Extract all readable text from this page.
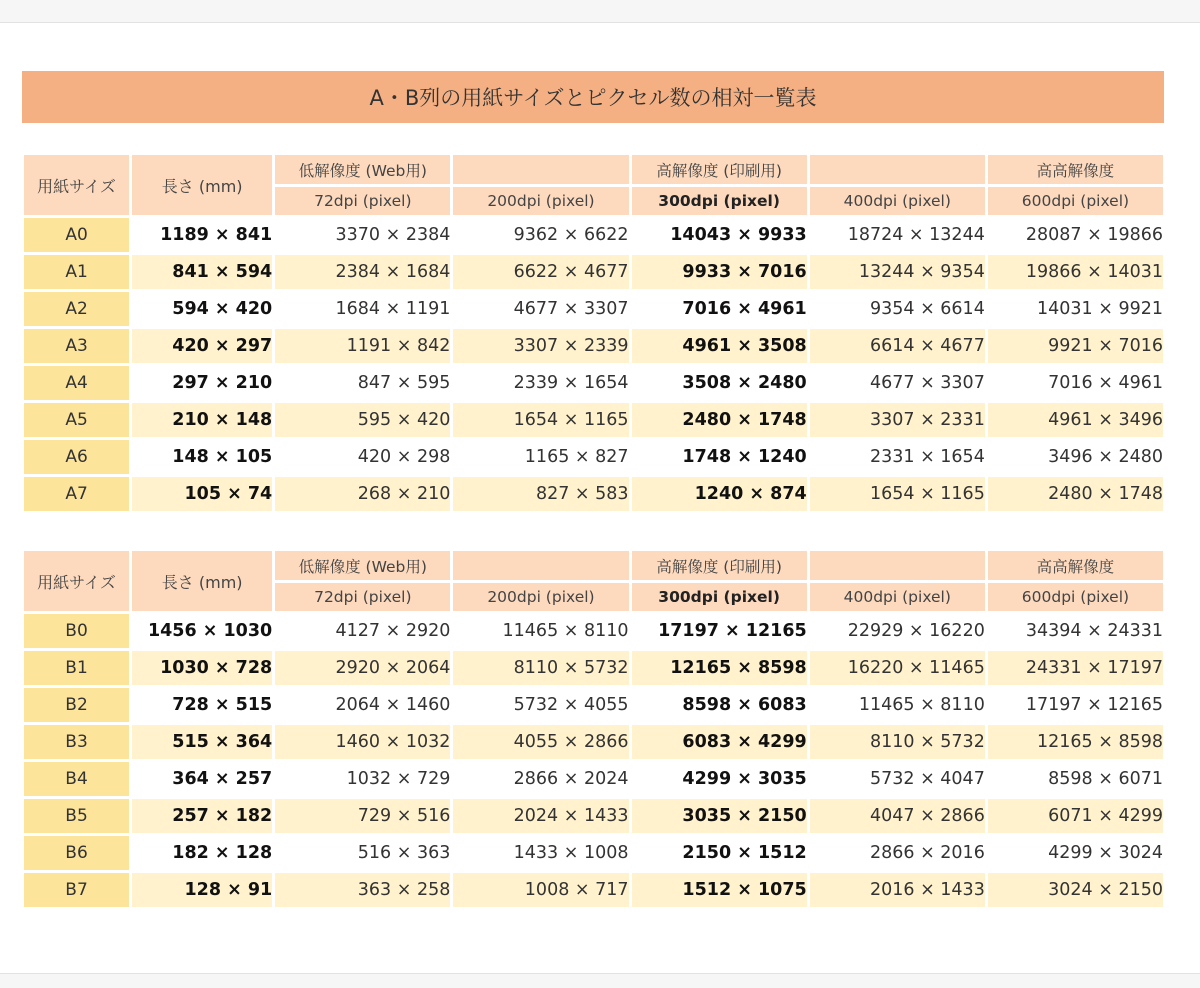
A・B列の用紙サイズとピクセル数の相対一覧表
用紙サイズ	長さ (mm)	低解像度 (Web用)		高解像度 (印刷用)		高高解像度
		72dpi (pixel)	200dpi (pixel)	300dpi (pixel)	400dpi (pixel)	600dpi (pixel)
A0	1189 × 841	3370 × 2384	9362 × 6622	14043 × 9933	18724 × 13244	28087 × 19866
A1	841 × 594	2384 × 1684	6622 × 4677	9933 × 7016	13244 × 9354	19866 × 14031
A2	594 × 420	1684 × 1191	4677 × 3307	7016 × 4961	9354 × 6614	14031 × 9921
A3	420 × 297	1191 × 842	3307 × 2339	4961 × 3508	6614 × 4677	9921 × 7016
A4	297 × 210	847 × 595	2339 × 1654	3508 × 2480	4677 × 3307	7016 × 4961
A5	210 × 148	595 × 420	1654 × 1165	2480 × 1748	3307 × 2331	4961 × 3496
A6	148 × 105	420 × 298	1165 × 827	1748 × 1240	2331 × 1654	3496 × 2480
A7	105 × 74	268 × 210	827 × 583	1240 × 874	1654 × 1165	2480 × 1748
用紙サイズ	長さ (mm)	低解像度 (Web用)		高解像度 (印刷用)		高高解像度
		72dpi (pixel)	200dpi (pixel)	300dpi (pixel)	400dpi (pixel)	600dpi (pixel)
B0	1456 × 1030	4127 × 2920	11465 × 8110	17197 × 12165	22929 × 16220	34394 × 24331
B1	1030 × 728	2920 × 2064	8110 × 5732	12165 × 8598	16220 × 11465	24331 × 17197
B2	728 × 515	2064 × 1460	5732 × 4055	8598 × 6083	11465 × 8110	17197 × 12165
B3	515 × 364	1460 × 1032	4055 × 2866	6083 × 4299	8110 × 5732	12165 × 8598
B4	364 × 257	1032 × 729	2866 × 2024	4299 × 3035	5732 × 4047	8598 × 6071
B5	257 × 182	729 × 516	2024 × 1433	3035 × 2150	4047 × 2866	6071 × 4299
B6	182 × 128	516 × 363	1433 × 1008	2150 × 1512	2866 × 2016	4299 × 3024
B7	128 × 91	363 × 258	1008 × 717	1512 × 1075	2016 × 1433	3024 × 2150
